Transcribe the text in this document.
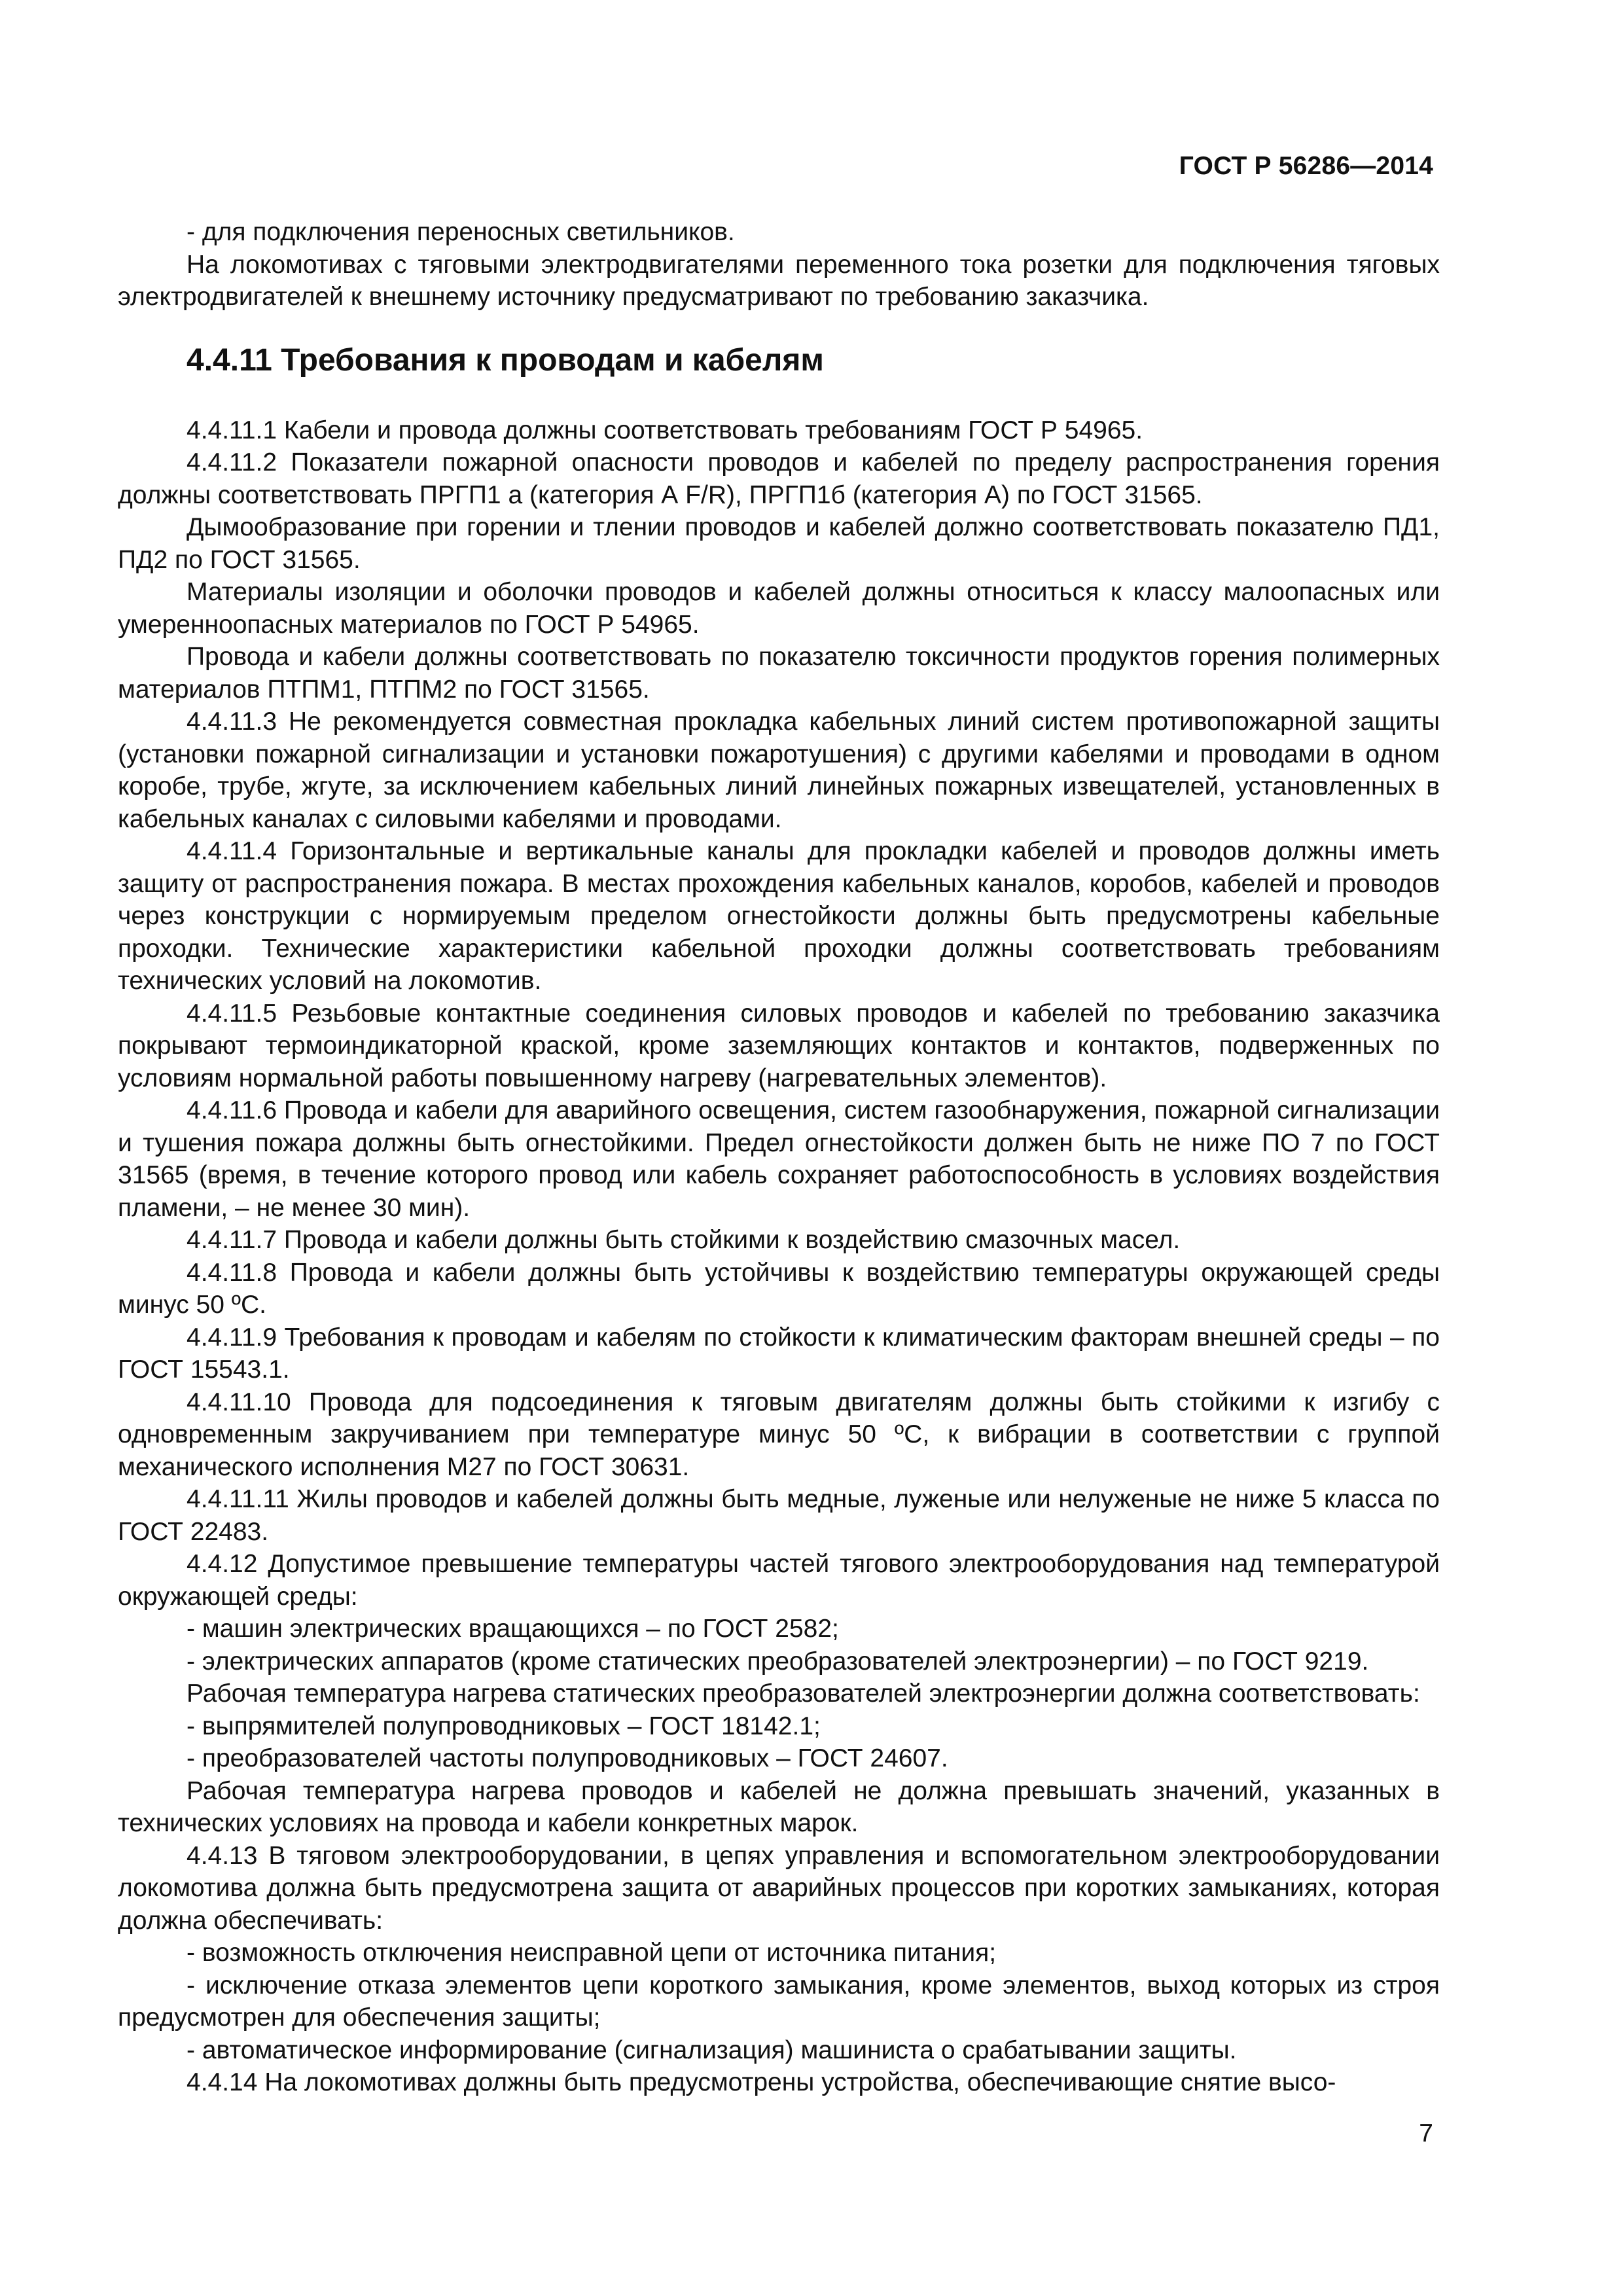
ГОСТ Р 56286—2014

- для подключения переносных светильников.

На локомотивах с тяговыми электродвигателями переменного тока розетки для подключения тяговых электродвигателей к внешнему источнику предусматривают по требованию заказчика.

4.4.11 Требования к проводам и кабелям

4.4.11.1 Кабели и провода должны соответствовать требованиям ГОСТ Р 54965.

4.4.11.2 Показатели пожарной опасности проводов и кабелей по пределу распространения горения должны соответствовать ПРГП1 а (категория А F/R), ПРГП1б (категория А) по ГОСТ 31565.

Дымообразование при горении и тлении проводов и кабелей должно соответствовать показателю ПД1, ПД2 по ГОСТ 31565.

Материалы изоляции и оболочки проводов и кабелей должны относиться к классу малоопасных или умеренноопасных материалов по ГОСТ Р 54965.

Провода и кабели должны соответствовать по показателю токсичности продуктов горения полимерных материалов ПТПМ1, ПТПМ2 по ГОСТ 31565.

4.4.11.3 Не рекомендуется совместная прокладка кабельных линий систем противопожарной защиты (установки пожарной сигнализации и установки пожаротушения) с другими кабелями и проводами в одном коробе, трубе, жгуте, за исключением кабельных линий линейных пожарных извещателей, установленных в кабельных каналах с силовыми кабелями и проводами.

4.4.11.4 Горизонтальные и вертикальные каналы для прокладки кабелей и проводов должны иметь защиту от распространения пожара. В местах прохождения кабельных каналов, коробов, кабелей и проводов через конструкции с нормируемым пределом огнестойкости должны быть предусмотрены кабельные проходки. Технические характеристики кабельной проходки должны соответствовать требованиям технических условий на локомотив.

4.4.11.5 Резьбовые контактные соединения силовых проводов и кабелей по требованию заказчика покрывают термоиндикаторной краской, кроме заземляющих контактов и контактов, подверженных по условиям нормальной работы повышенному нагреву (нагревательных элементов).

4.4.11.6 Провода и кабели для аварийного освещения, систем газообнаружения, пожарной сигнализации и тушения пожара должны быть огнестойкими. Предел огнестойкости должен быть не ниже ПО 7 по ГОСТ 31565 (время, в течение которого провод или кабель сохраняет работоспособность в условиях воздействия пламени, – не менее 30 мин).

4.4.11.7 Провода и кабели должны быть стойкими к воздействию смазочных масел.

4.4.11.8 Провода и кабели должны быть устойчивы к воздействию температуры окружающей среды минус 50 ºС.

4.4.11.9 Требования к проводам и кабелям по стойкости к климатическим факторам внешней среды – по ГОСТ 15543.1.

4.4.11.10 Провода для подсоединения к тяговым двигателям должны быть стойкими к изгибу с одновременным закручиванием при температуре минус 50 ºС, к вибрации в соответствии с группой механического исполнения М27 по ГОСТ 30631.

4.4.11.11 Жилы проводов и кабелей должны быть медные, луженые или нелуженые не ниже 5 класса по ГОСТ 22483.

4.4.12 Допустимое превышение температуры частей тягового электрооборудования над температурой окружающей среды:

- машин электрических вращающихся – по ГОСТ 2582;

- электрических аппаратов (кроме статических преобразователей электроэнергии) – по ГОСТ 9219.

Рабочая температура нагрева статических преобразователей электроэнергии должна соответствовать:

- выпрямителей полупроводниковых – ГОСТ 18142.1;

- преобразователей частоты полупроводниковых – ГОСТ 24607.

Рабочая температура нагрева проводов и кабелей не должна превышать значений, указанных в технических условиях на провода и кабели конкретных марок.

4.4.13 В тяговом электрооборудовании, в цепях управления и вспомогательном электрооборудовании локомотива должна быть предусмотрена защита от аварийных процессов при коротких замыканиях, которая должна обеспечивать:

- возможность отключения неисправной цепи от источника питания;

- исключение отказа элементов цепи короткого замыкания, кроме элементов, выход которых из строя предусмотрен для обеспечения защиты;

- автоматическое информирование (сигнализация) машиниста о срабатывании защиты.

4.4.14 На локомотивах должны быть предусмотрены устройства, обеспечивающие снятие высо-

7
